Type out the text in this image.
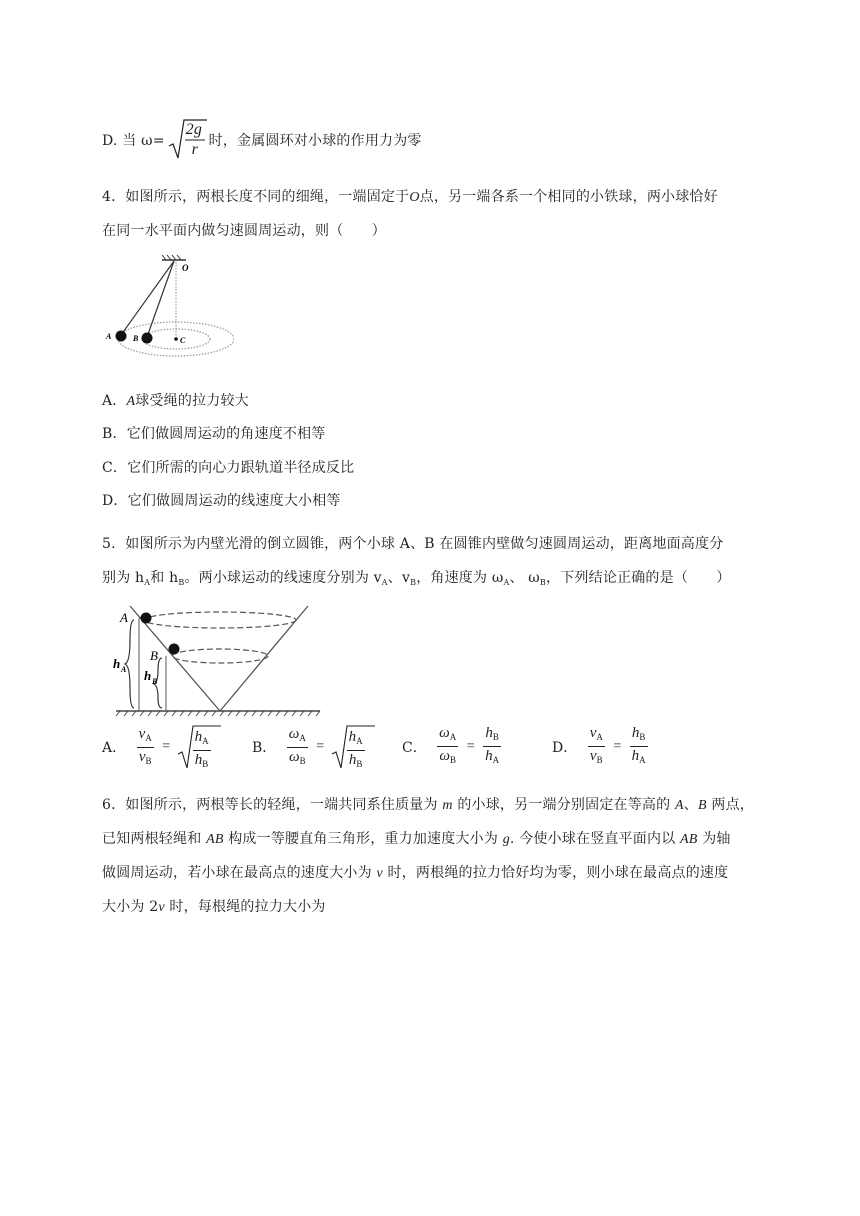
D. 当 ω=
2g
r 时，金属圆环对小球的作用力为零
4．如图所示，两根长度不同的细绳，一端固定于O点，另一端各系一个相同的小铁球，两小球恰好
在同一水平面内做匀速圆周运动，则（　　）
O
A	B	C
A．A球受绳的拉力较大
B．它们做圆周运动的角速度不相等
C．它们所需的向心力跟轨道半径成反比
D．它们做圆周运动的线速度大小相等
5．如图所示为内壁光滑的倒立圆锥，两个小球 A、B 在圆锥内壁做匀速圆周运动，距离地面高度分
别为 $h_A$和 $h_B$。两小球运动的线速度分别为 $v_A$、$v_B$，角速度为 $\omega_A$、 $\omega_B$，下列结论正确的是（　　）
A
B
h A h B
A． $\frac{v_A}{v_B} = \frac{h_A}{h_B}$	B． $\frac{\omega_A}{\omega_B} = \frac{h_A}{h_B}$	C． $\frac{\omega_A}{\omega_B} = \frac{h_B}{h_A}$	D． $\frac{v_A}{v_B} = \frac{h_B}{h_A}$
6．如图所示，两根等长的轻绳，一端共同系住质量为 m 的小球，另一端分别固定在等高的 A、B 两点，
已知两根轻绳和 AB 构成一等腰直角三角形，重力加速度大小为 g. 今使小球在竖直平面内以 AB 为轴
做圆周运动，若小球在最高点的速度大小为 v 时，两根绳的拉力恰好均为零，则小球在最高点的速度
大小为 2v 时，每根绳的拉力大小为
